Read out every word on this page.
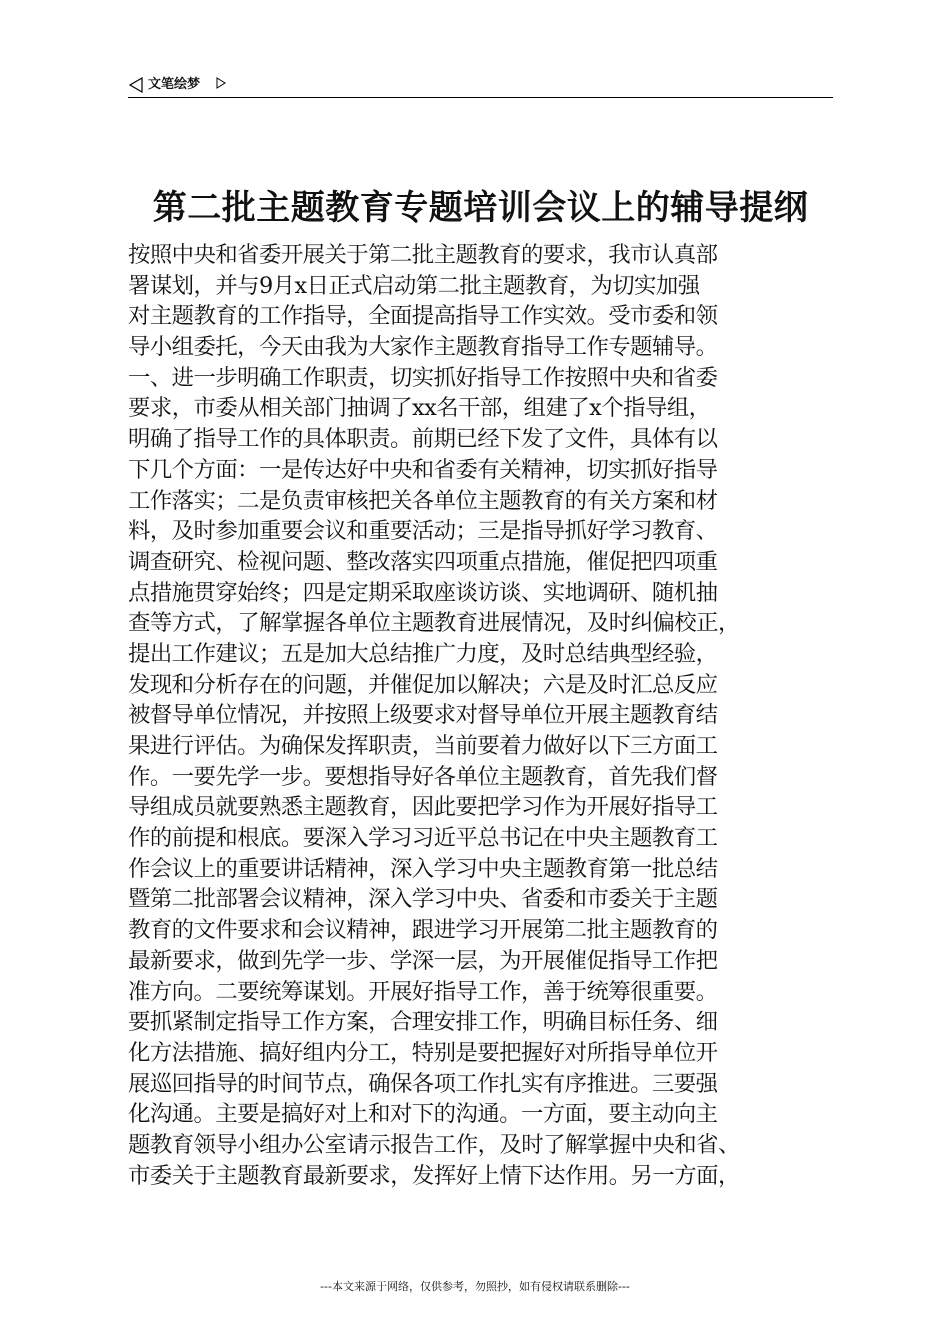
文笔绘梦
第二批主题教育专题培训会议上的辅导提纲
按照中央和省委开展关于第二批主题教育的要求，我市认真部
署谋划，并与9月x日正式启动第二批主题教育，为切实加强
对主题教育的工作指导，全面提高指导工作实效。受市委和领
导小组委托，今天由我为大家作主题教育指导工作专题辅导。
一、进一步明确工作职责，切实抓好指导工作按照中央和省委
要求，市委从相关部门抽调了xx名干部，组建了x个指导组，
明确了指导工作的具体职责。前期已经下发了文件，具体有以
下几个方面：一是传达好中央和省委有关精神，切实抓好指导
工作落实；二是负责审核把关各单位主题教育的有关方案和材
料，及时参加重要会议和重要活动；三是指导抓好学习教育、
调查研究、检视问题、整改落实四项重点措施，催促把四项重
点措施贯穿始终；四是定期采取座谈访谈、实地调研、随机抽
查等方式，了解掌握各单位主题教育进展情况，及时纠偏校正，
提出工作建议；五是加大总结推广力度，及时总结典型经验，
发现和分析存在的问题，并催促加以解决；六是及时汇总反应
被督导单位情况，并按照上级要求对督导单位开展主题教育结
果进行评估。为确保发挥职责，当前要着力做好以下三方面工
作。一要先学一步。要想指导好各单位主题教育，首先我们督
导组成员就要熟悉主题教育，因此要把学习作为开展好指导工
作的前提和根底。要深入学习习近平总书记在中央主题教育工
作会议上的重要讲话精神，深入学习中央主题教育第一批总结
暨第二批部署会议精神，深入学习中央、省委和市委关于主题
教育的文件要求和会议精神，跟进学习开展第二批主题教育的
最新要求，做到先学一步、学深一层，为开展催促指导工作把
准方向。二要统筹谋划。开展好指导工作，善于统筹很重要。
要抓紧制定指导工作方案，合理安排工作，明确目标任务、细
化方法措施、搞好组内分工，特别是要把握好对所指导单位开
展巡回指导的时间节点，确保各项工作扎实有序推进。三要强
化沟通。主要是搞好对上和对下的沟通。一方面，要主动向主
题教育领导小组办公室请示报告工作，及时了解掌握中央和省、
市委关于主题教育最新要求，发挥好上情下达作用。另一方面，
---本文来源于网络，仅供参考，勿照抄，如有侵权请联系删除---
